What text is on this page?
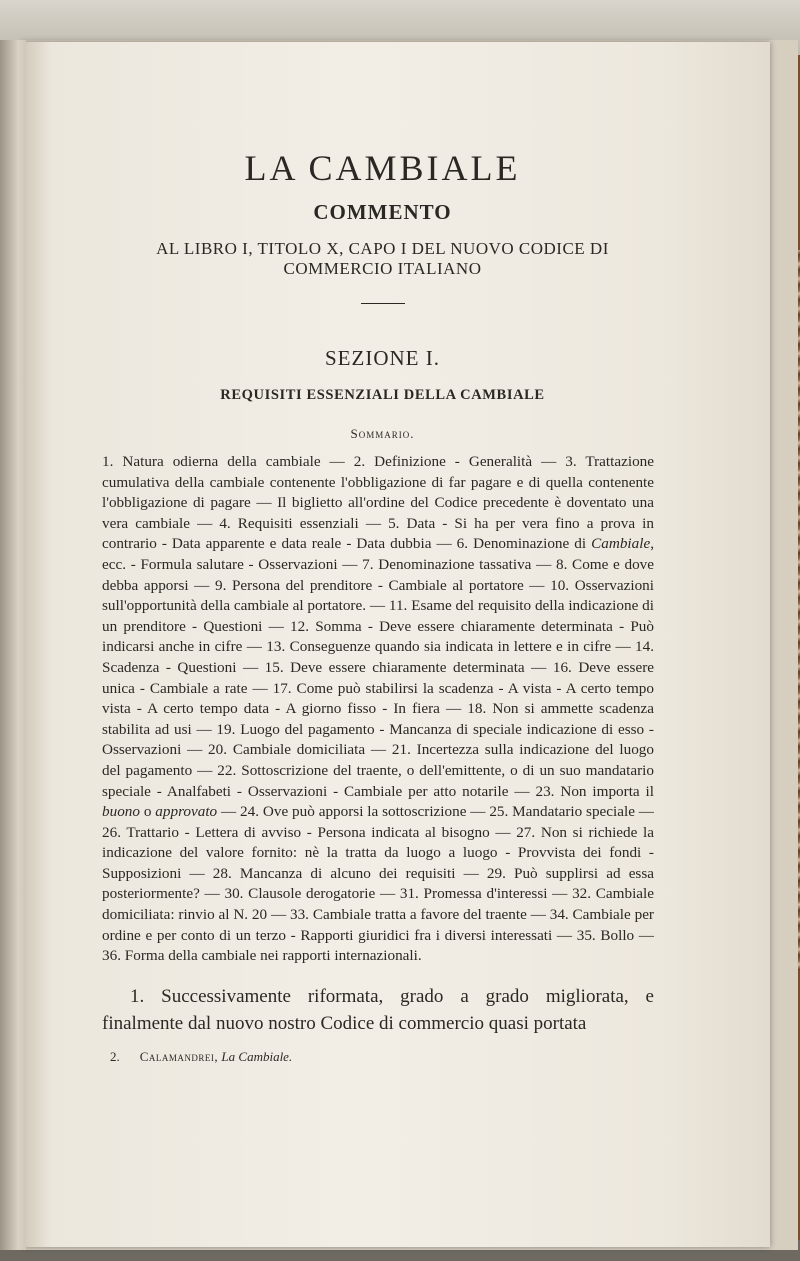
LA CAMBIALE
COMMENTO
AL LIBRO I, TITOLO X, CAPO I DEL NUOVO CODICE DI COMMERCIO ITALIANO
SEZIONE I.
REQUISITI ESSENZIALI DELLA CAMBIALE
Sommario.

1. Natura odierna della cambiale — 2. Definizione - Generalità — 3. Trattazione cumulativa della cambiale contenente l'obbligazione di far pagare e di quella contenente l'obbligazione di pagare — Il biglietto all'ordine del Codice precedente è doventato una vera cambiale — 4. Requisiti essenziali — 5. Data - Si ha per vera fino a prova in contrario - Data apparente e data reale - Data dubbia — 6. Denominazione di Cambiale, ecc. - Formula salutare - Osservazioni — 7. Denominazione tassativa — 8. Come e dove debba apporsi — 9. Persona del prenditore - Cambiale al portatore — 10. Osservazioni sull'opportunità della cambiale al portatore. — 11. Esame del requisito della indicazione di un prenditore - Questioni — 12. Somma - Deve essere chiaramente determinata - Può indicarsi anche in cifre — 13. Conseguenze quando sia indicata in lettere e in cifre — 14. Scadenza - Questioni — 15. Deve essere chiaramente determinata — 16. Deve essere unica - Cambiale a rate — 17. Come può stabilirsi la scadenza - A vista - A certo tempo vista - A certo tempo data - A giorno fisso - In fiera — 18. Non si ammette scadenza stabilita ad usi — 19. Luogo del pagamento - Mancanza di speciale indicazione di esso - Osservazioni — 20. Cambiale domiciliata — 21. Incertezza sulla indicazione del luogo del pagamento — 22. Sottoscrizione del traente, o dell'emittente, o di un suo mandatario speciale - Analfabeti - Osservazioni - Cambiale per atto notarile — 23. Non importa il buono o approvato — 24. Ove può apporsi la sottoscrizione — 25. Mandatario speciale — 26. Trattario - Lettera di avviso - Persona indicata al bisogno — 27. Non si richiede la indicazione del valore fornito: nè la tratta da luogo a luogo - Provvista dei fondi - Supposizioni — 28. Mancanza di alcuno dei requisiti — 29. Può supplirsi ad essa posteriormente? — 30. Clausole derogatorie — 31. Promessa d'interessi — 32. Cambiale domiciliata: rinvio al N. 20 — 33. Cambiale tratta a favore del traente — 34. Cambiale per ordine e per conto di un terzo - Rapporti giuridici fra i diversi interessati — 35. Bollo — 36. Forma della cambiale nei rapporti internazionali.

1. Successivamente riformata, grado a grado migliorata, e finalmente dal nuovo nostro Codice di commercio quasi portata

2. Calamandrei, La Cambiale.
